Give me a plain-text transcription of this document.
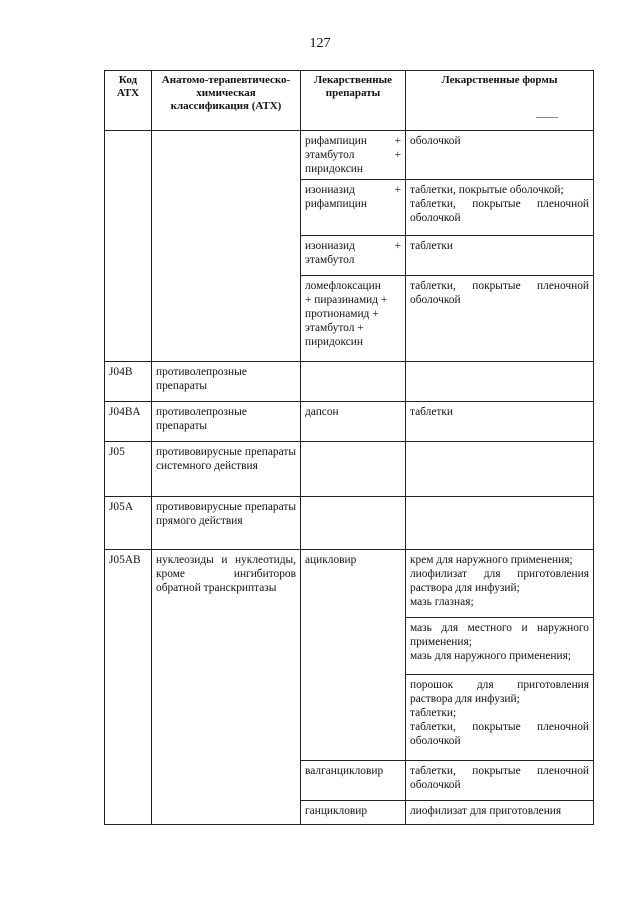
127
Код АТХ	Анатомо-терапевтическо-химическая классификация (АТХ)	Лекарственные препараты	Лекарственные формы

		рифампицин +
этамбутол +
пиридоксин	оболочкой

		изониазид +
рифампицин	таблетки, покрытые оболочкой;
таблетки, покрытые пленочной оболочкой

		изониазид +
этамбутол	таблетки

		ломефлоксацин
+ пиразинамид +
протионамид +
этамбутол +
пиридоксин	таблетки, покрытые пленочной оболочкой

J04B	противолепрозные препараты		
J04BA	противолепрозные препараты	дапсон	таблетки
J05	противовирусные препараты системного действия		
J05A	противовирусные препараты прямого действия		
J05AB	нуклеозиды и нуклеотиды, кроме ингибиторов обратной транскриптазы	ацикловир	крем для наружного применения;
лиофилизат для приготовления раствора для инфузий;
мазь глазная;

			мазь для местного и наружного применения;
мазь для наружного применения;

			порошок для приготовления раствора для инфузий;
таблетки;
таблетки, покрытые пленочной оболочкой

		валганцикловир	таблетки, покрытые пленочной оболочкой

		ганцикловир	лиофилизат для приготовления
